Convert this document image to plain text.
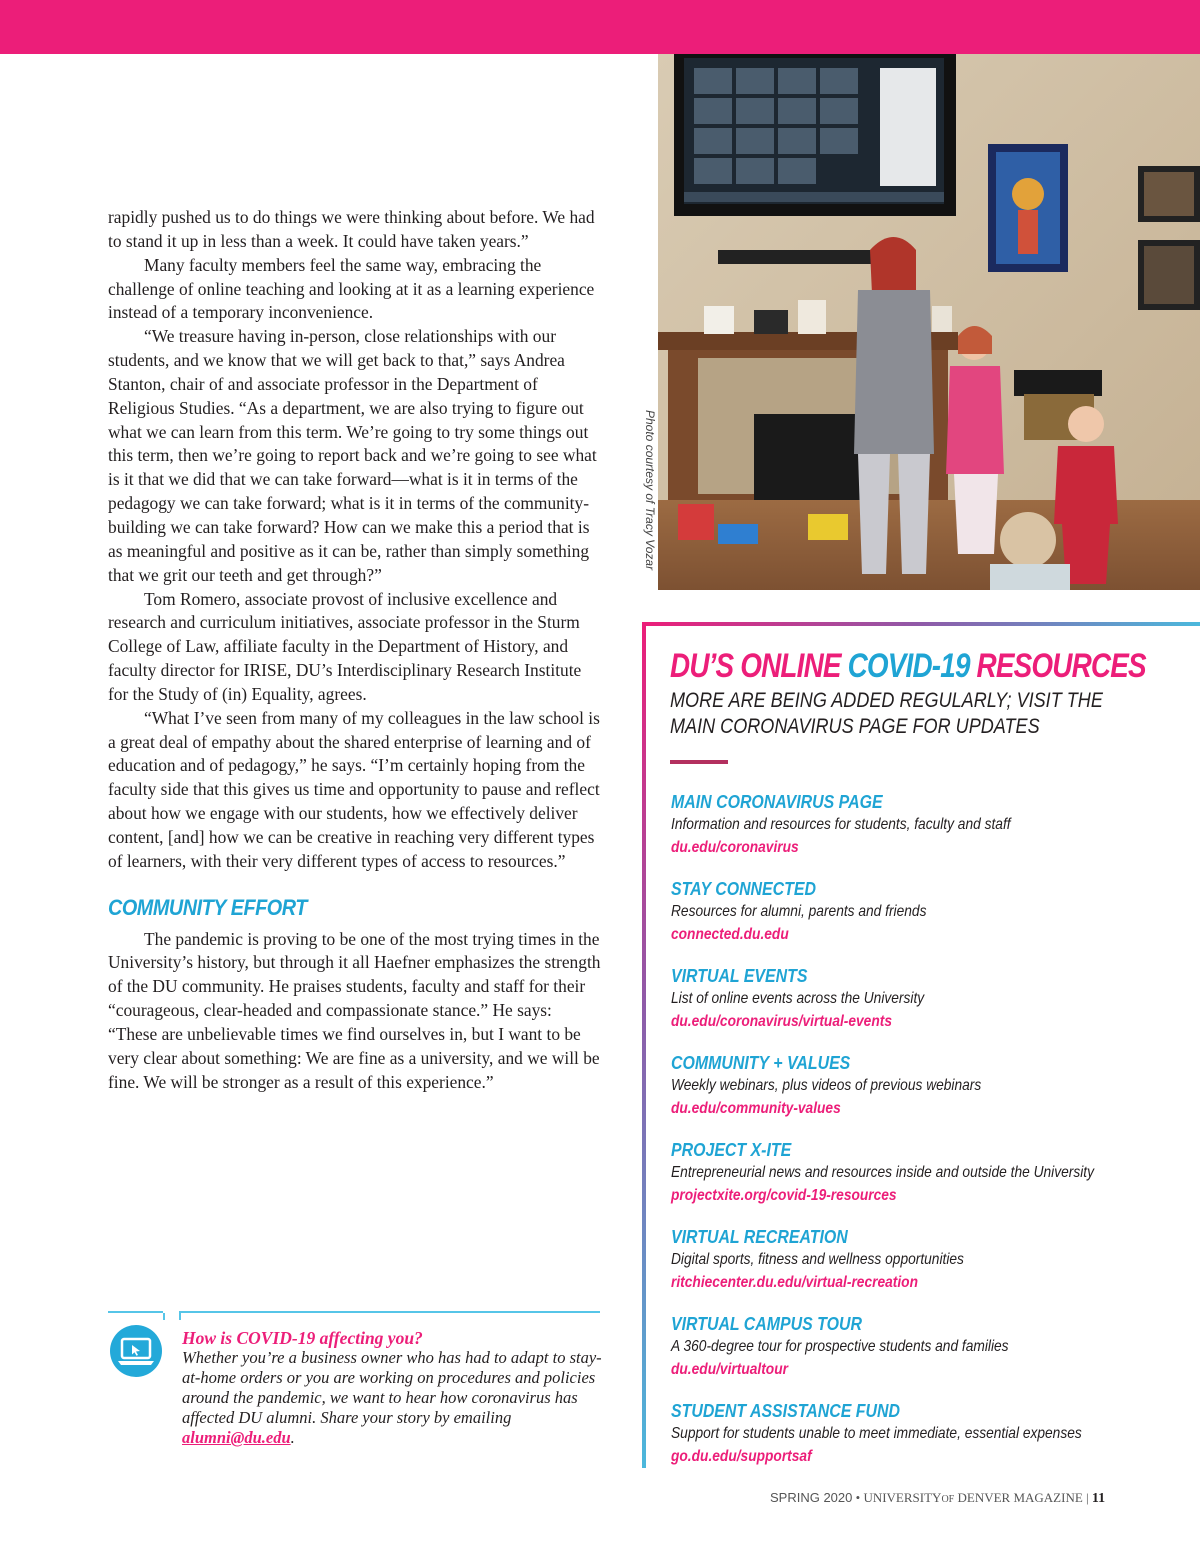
rapidly pushed us to do things we were thinking about before. We had to stand it up in less than a week. It could have taken years.”

Many faculty members feel the same way, embracing the challenge of online teaching and looking at it as a learning experience instead of a temporary inconvenience.

“We treasure having in-person, close relationships with our students, and we know that we will get back to that,” says Andrea Stanton, chair of and associate professor in the Department of Religious Studies. “As a department, we are also trying to figure out what we can learn from this term. We’re going to try some things out this term, then we’re going to report back and we’re going to see what is it that we did that we can take forward—what is it in terms of the pedagogy we can take forward; what is it in terms of the community-building we can take forward? How can we make this a period that is as meaningful and positive as it can be, rather than simply something that we grit our teeth and get through?”

Tom Romero, associate provost of inclusive excellence and research and curriculum initiatives, associate professor in the Sturm College of Law, affiliate faculty in the Department of History, and faculty director for IRISE, DU’s Interdisciplinary Research Institute for the Study of (in) Equality, agrees.

“What I’ve seen from many of my colleagues in the law school is a great deal of empathy about the shared enterprise of learning and of education and of pedagogy,” he says. “I’m certainly hoping from the faculty side that this gives us time and opportunity to pause and reflect about how we engage with our students, how we effectively deliver content, [and] how we can be creative in reaching very different types of learners, with their very different types of access to resources.”

COMMUNITY EFFORT

The pandemic is proving to be one of the most trying times in the University’s history, but through it all Haefner emphasizes the strength of the DU community. He praises students, faculty and staff for their “courageous, clear-headed and compassionate stance.” He says: “These are unbelievable times we find ourselves in, but I want to be very clear about something: We are fine as a university, and we will be fine. We will be stronger as a result of this experience.”

How is COVID-19 affecting you?
Whether you’re a business owner who has had to adapt to stay-at-home orders or you are working on procedures and policies around the pandemic, we want to hear how coronavirus has affected DU alumni. Share your story by emailing alumni@du.edu.
Photo courtesy of Tracy Vozar
DU’S ONLINE COVID-19 RESOURCES
MORE ARE BEING ADDED REGULARLY; VISIT THE
MAIN CORONAVIRUS PAGE FOR UPDATES
MAIN CORONAVIRUS PAGE
Information and resources for students, faculty and staff
du.edu/coronavirus
STAY CONNECTED
Resources for alumni, parents and friends
connected.du.edu
VIRTUAL EVENTS
List of online events across the University
du.edu/coronavirus/virtual-events
COMMUNITY + VALUES
Weekly webinars, plus videos of previous webinars
du.edu/community-values
PROJECT X-ITE
Entrepreneurial news and resources inside and outside the University
projectxite.org/covid-19-resources
VIRTUAL RECREATION
Digital sports, fitness and wellness opportunities
ritchiecenter.du.edu/virtual-recreation
VIRTUAL CAMPUS TOUR
A 360-degree tour for prospective students and families
du.edu/virtualtour
STUDENT ASSISTANCE FUND
Support for students unable to meet immediate, essential expenses
go.du.edu/supportsaf
SPRING 2020 • UNIVERSITYOF DENVER MAGAZINE | 11
